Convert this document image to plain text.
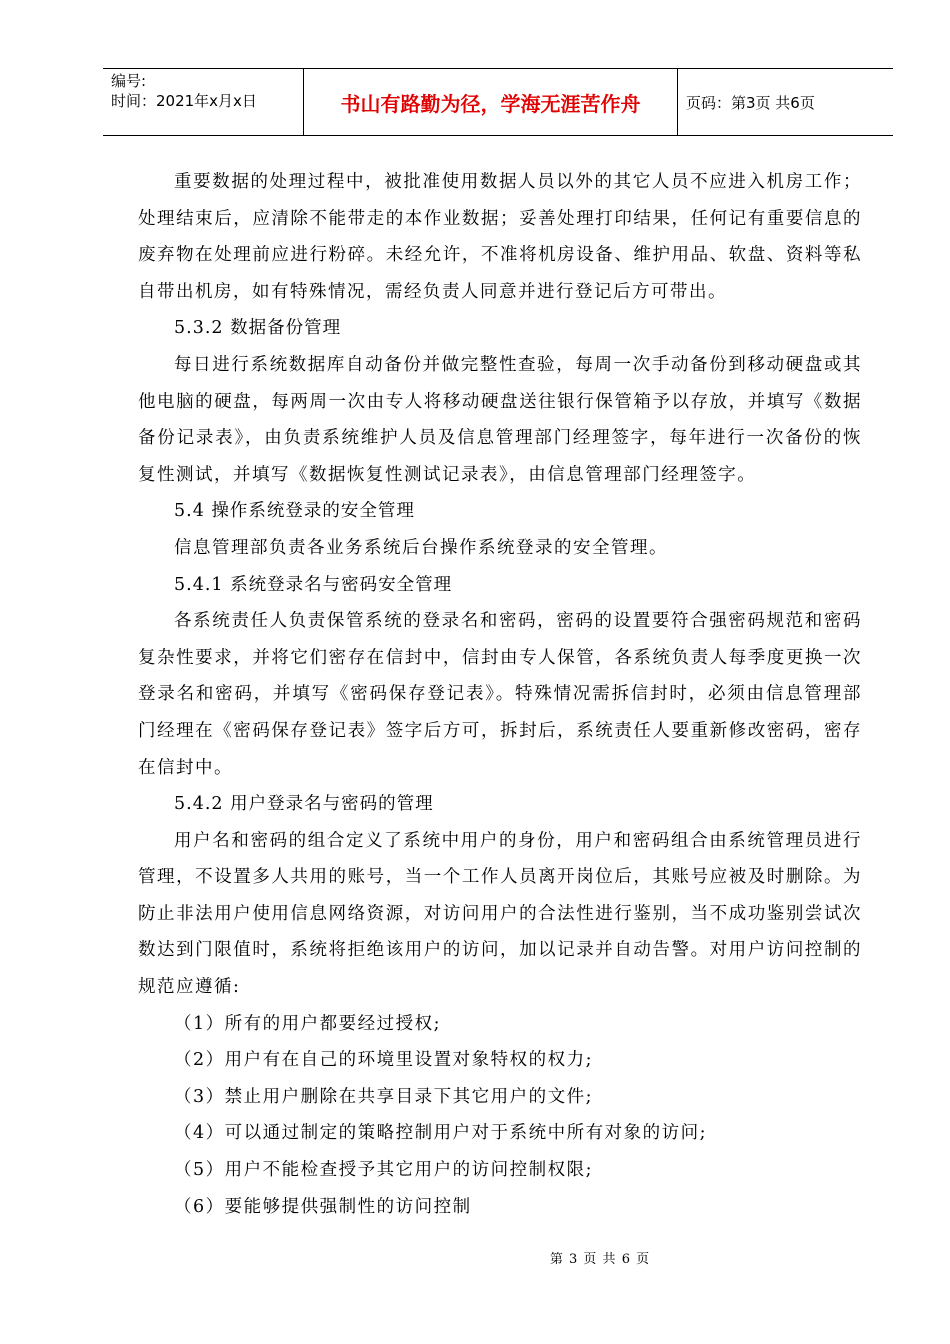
编号:
时间：2021年x月x日	书山有路勤为径，学海无涯苦作舟	页码：第3页 共6页

重要数据的处理过程中，被批准使用数据人员以外的其它人员不应进入机房工作；处理结束后，应清除不能带走的本作业数据；妥善处理打印结果，任何记有重要信息的废弃物在处理前应进行粉碎。未经允许，不准将机房设备、维护用品、软盘、资料等私自带出机房，如有特殊情况，需经负责人同意并进行登记后方可带出。

5.3.2 数据备份管理

每日进行系统数据库自动备份并做完整性查验，每周一次手动备份到移动硬盘或其他电脑的硬盘，每两周一次由专人将移动硬盘送往银行保管箱予以存放，并填写《数据备份记录表》，由负责系统维护人员及信息管理部门经理签字，每年进行一次备份的恢复性测试，并填写《数据恢复性测试记录表》，由信息管理部门经理签字。

5.4 操作系统登录的安全管理

信息管理部负责各业务系统后台操作系统登录的安全管理。

5.4.1 系统登录名与密码安全管理

各系统责任人负责保管系统的登录名和密码，密码的设置要符合强密码规范和密码复杂性要求，并将它们密存在信封中，信封由专人保管，各系统负责人每季度更换一次登录名和密码，并填写《密码保存登记表》。特殊情况需拆信封时，必须由信息管理部门经理在《密码保存登记表》签字后方可，拆封后，系统责任人要重新修改密码，密存在信封中。

5.4.2 用户登录名与密码的管理

用户名和密码的组合定义了系统中用户的身份，用户和密码组合由系统管理员进行管理，不设置多人共用的账号，当一个工作人员离开岗位后，其账号应被及时删除。为防止非法用户使用信息网络资源，对访问用户的合法性进行鉴别，当不成功鉴别尝试次数达到门限值时，系统将拒绝该用户的访问，加以记录并自动告警。对用户访问控制的规范应遵循:

（1）所有的用户都要经过授权;

（2）用户有在自己的环境里设置对象特权的权力;

（3）禁止用户删除在共享目录下其它用户的文件;

（4）可以通过制定的策略控制用户对于系统中所有对象的访问;

（5）用户不能检查授予其它用户的访问控制权限;

（6）要能够提供强制性的访问控制

第 3 页 共 6 页
